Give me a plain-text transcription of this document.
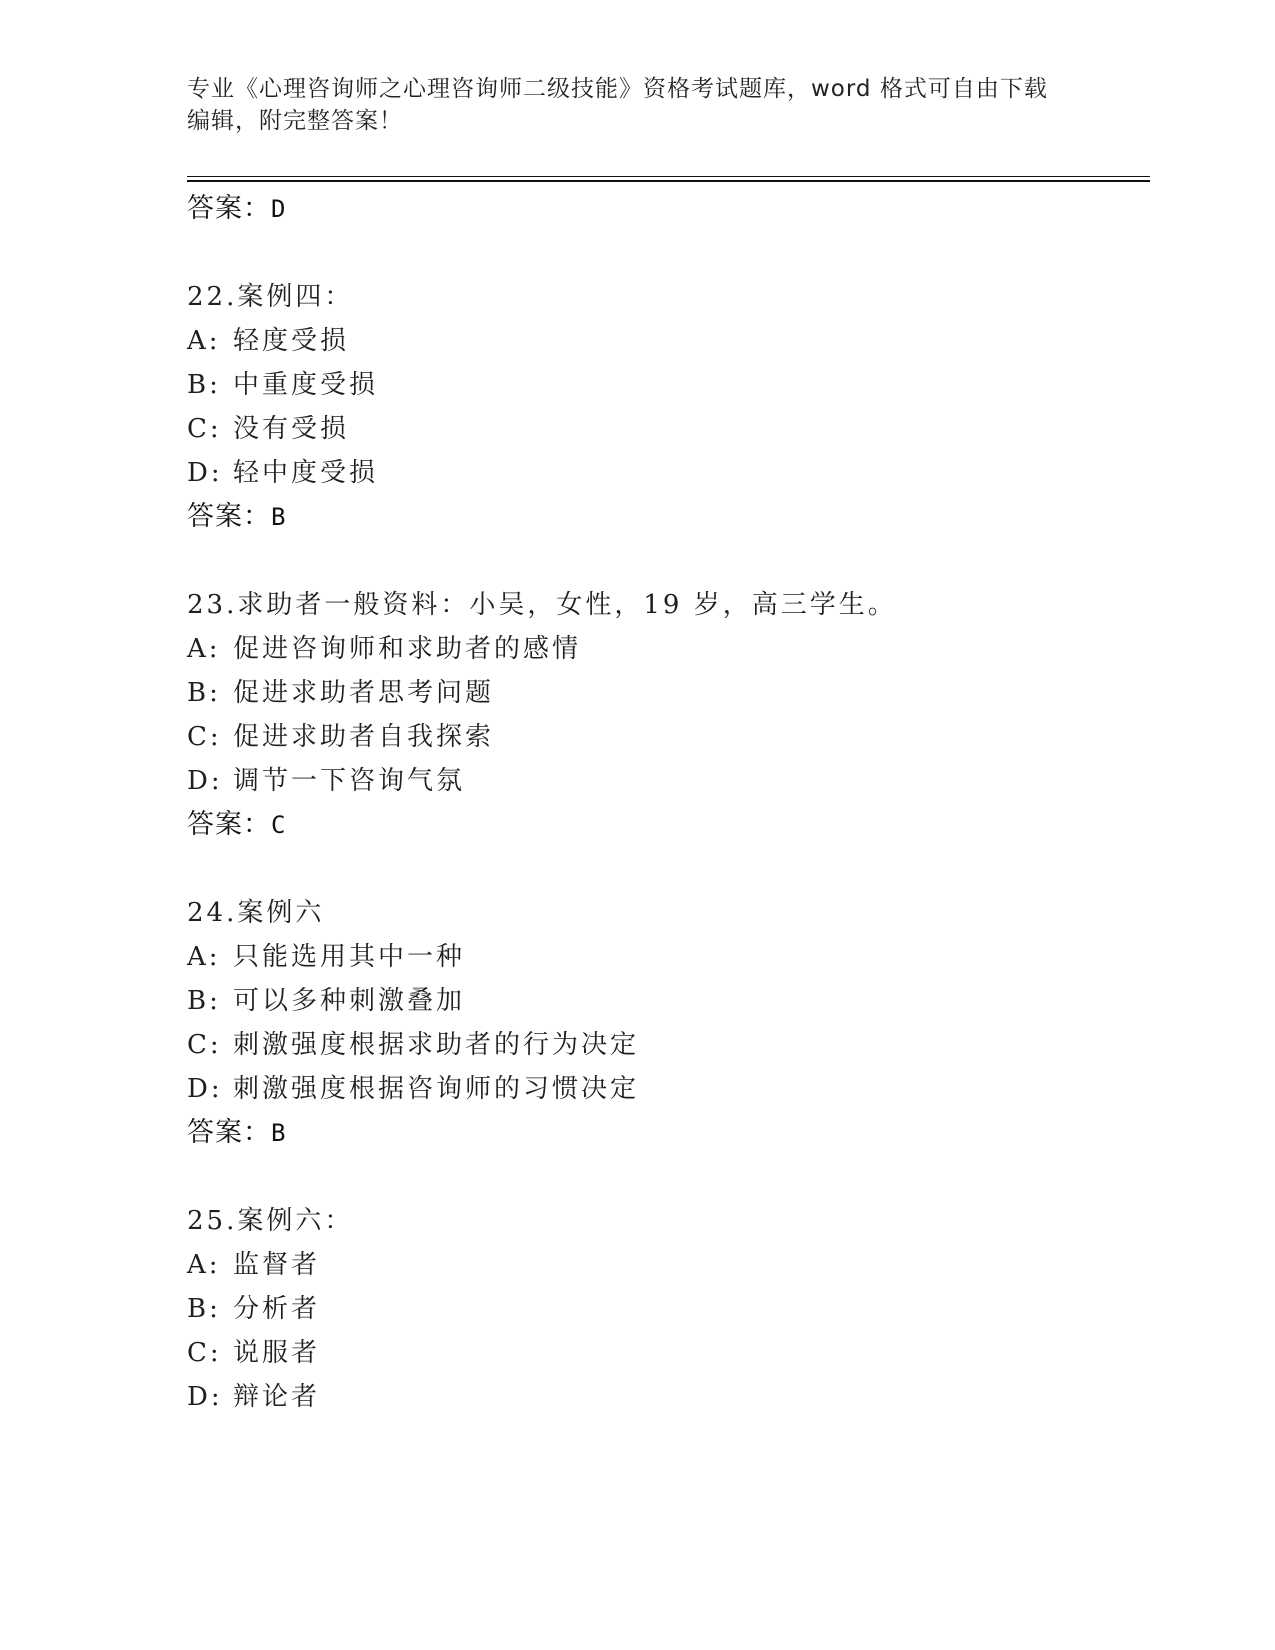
专业《心理咨询师之心理咨询师二级技能》资格考试题库，word 格式可自由下载
编辑，附完整答案！
答案：D
22.案例四：
A: 轻度受损
B: 中重度受损
C: 没有受损
D: 轻中度受损
答案：B
23.求助者一般资料：小吴，女性，19 岁，高三学生。
A: 促进咨询师和求助者的感情
B: 促进求助者思考问题
C: 促进求助者自我探索
D: 调节一下咨询气氛
答案：C
24.案例六
A: 只能选用其中一种
B: 可以多种刺激叠加
C: 刺激强度根据求助者的行为决定
D: 刺激强度根据咨询师的习惯决定
答案：B
25.案例六：
A: 监督者
B: 分析者
C: 说服者
D: 辩论者
